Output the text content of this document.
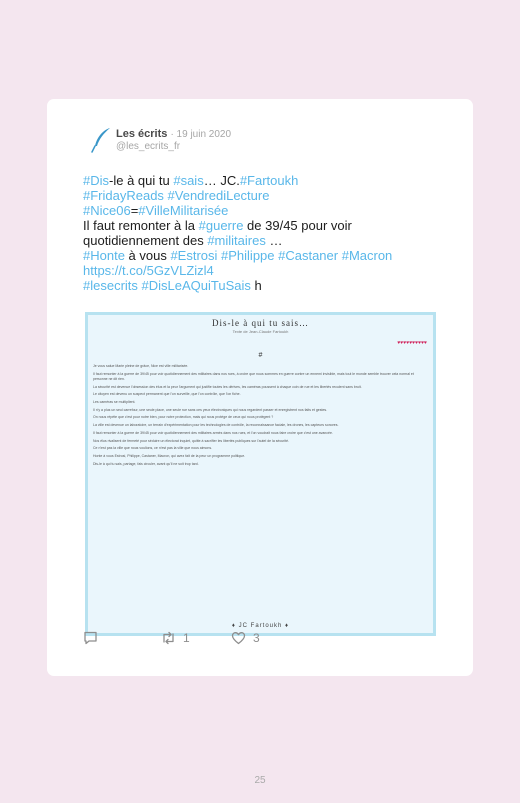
Les écrits · 19 juin 2020
@les_ecrits_fr
#Dis-le à qui tu #sais… JC.#Fartoukh
#FridayReads #VendrediLecture
#Nice06=#VilleMilitarisée
Il faut remonter à la #guerre de 39/45 pour voir
quotidiennement des #militaires …
#Honte à vous #Estrosi #Philippe #Castaner #Macron
https://t.co/5GzVLZizl4
#lesecrits #DisLeAQuiTuSais h
Dis-le à qui tu sais…
Texte de Jean-Claude Fartoukh
♥♥♥♥♥♥♥♥♥♥
#

Je vous salue Marie pleine de grâce, Nice est ville militarisée.

Il faut remonter à la guerre de 39/45 pour voir quotidiennement des militaires dans nos rues, à croire que nous sommes en guerre contre un ennemi invisible, mais tout le monde semble trouver cela normal et personne ne dit rien.

La sécurité est devenue l'obsession des élus et la peur l'argument qui justifie toutes les dérives, les caméras poussent à chaque coin de rue et les libertés reculent sans bruit.

Le citoyen est devenu un suspect permanent que l'on surveille, que l'on contrôle, que l'on fiche.

Les caméras se multiplient.

Il n'y a plus un seul carrefour, une seule place, une seule rue sans ces yeux électroniques qui nous regardent passer et enregistrent nos faits et gestes.

On nous répète que c'est pour notre bien, pour notre protection, mais qui nous protège de ceux qui nous protègent ?

La ville est devenue un laboratoire, un terrain d'expérimentation pour les technologies de contrôle, la reconnaissance faciale, les drones, les capteurs sonores.

Il faut remonter à la guerre de 39/45 pour voir quotidiennement des militaires armés dans nos rues, et l'on voudrait nous faire croire que c'est une avancée.

Nos élus rivalisent de fermeté pour séduire un électorat inquiet, quitte à sacrifier les libertés publiques sur l'autel de la sécurité.

Ce n'est pas la ville que nous voulions, ce n'est pas la ville que nous aimons.

Honte à vous Estrosi, Philippe, Castaner, Macron, qui avez fait de la peur un programme politique.

Dis-le à qui tu sais, partage, fais circuler, avant qu'il ne soit trop tard.

♦ JC Fartoukh ♦
1	3
25
